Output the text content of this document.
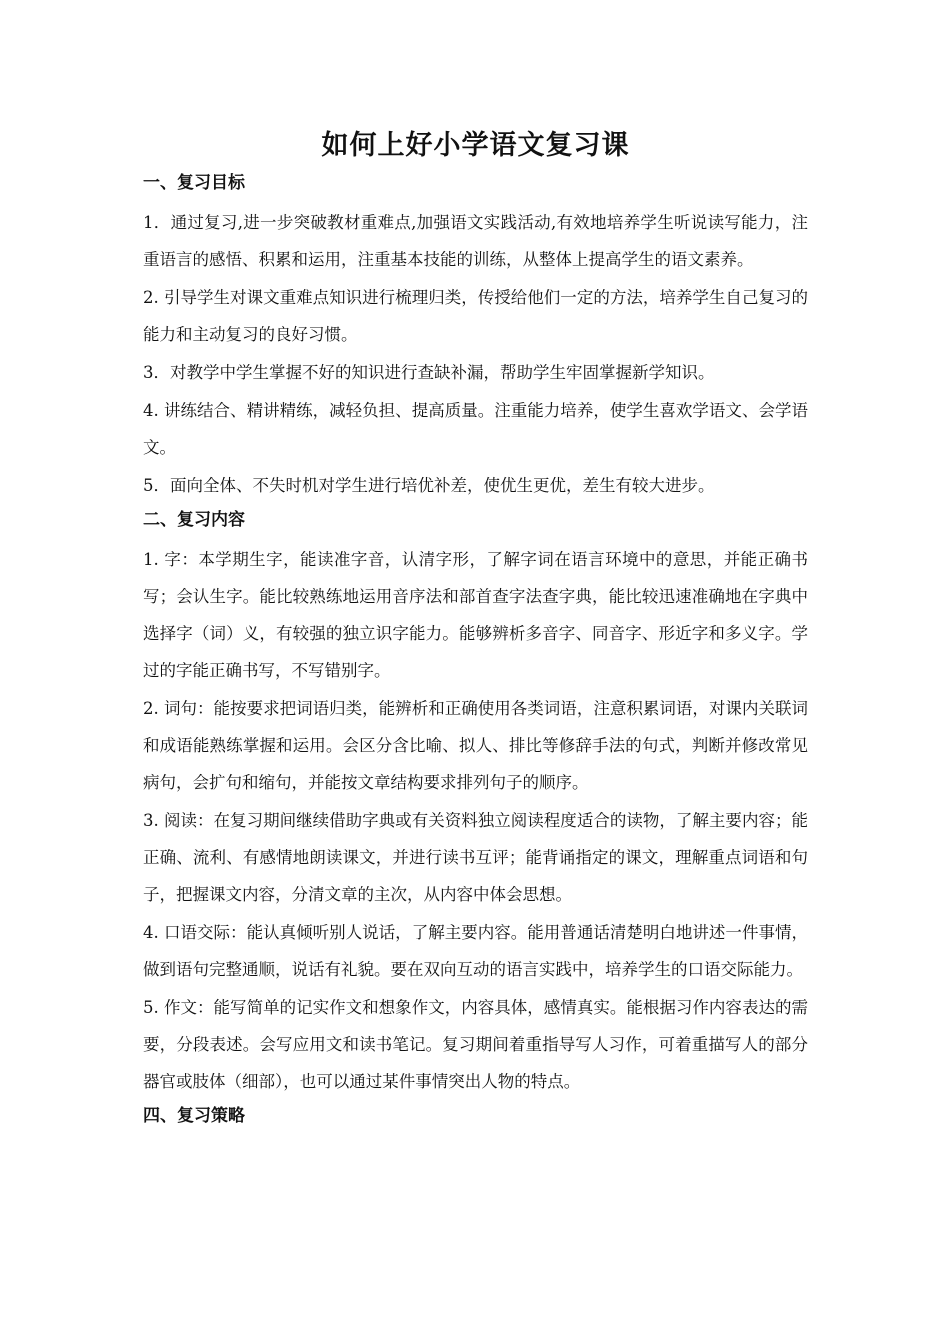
如何上好小学语文复习课
一、复习目标
1．通过复习,进一步突破教材重难点,加强语文实践活动,有效地培养学生听说读写能力，注重语言的感悟、积累和运用，注重基本技能的训练，从整体上提高学生的语文素养。
2. 引导学生对课文重难点知识进行梳理归类，传授给他们一定的方法，培养学生自己复习的能力和主动复习的良好习惯。
3．对教学中学生掌握不好的知识进行查缺补漏，帮助学生牢固掌握新学知识。
4. 讲练结合、精讲精练，减轻负担、提高质量。注重能力培养，使学生喜欢学语文、会学语文。
5．面向全体、不失时机对学生进行培优补差，使优生更优，差生有较大进步。
二、复习内容
1. 字：本学期生字，能读准字音，认清字形，了解字词在语言环境中的意思，并能正确书写；会认生字。能比较熟练地运用音序法和部首查字法查字典，能比较迅速准确地在字典中选择字（词）义，有较强的独立识字能力。能够辨析多音字、同音字、形近字和多义字。学过的字能正确书写，不写错别字。
2. 词句：能按要求把词语归类，能辨析和正确使用各类词语，注意积累词语，对课内关联词和成语能熟练掌握和运用。会区分含比喻、拟人、排比等修辞手法的句式，判断并修改常见病句，会扩句和缩句，并能按文章结构要求排列句子的顺序。
3. 阅读：在复习期间继续借助字典或有关资料独立阅读程度适合的读物，了解主要内容；能正确、流利、有感情地朗读课文，并进行读书互评；能背诵指定的课文，理解重点词语和句子，把握课文内容，分清文章的主次，从内容中体会思想。
4. 口语交际：能认真倾听别人说话，了解主要内容。能用普通话清楚明白地讲述一件事情，做到语句完整通顺，说话有礼貌。要在双向互动的语言实践中，培养学生的口语交际能力。
5. 作文：能写简单的记实作文和想象作文，内容具体，感情真实。能根据习作内容表达的需要，分段表述。会写应用文和读书笔记。复习期间着重指导写人习作，可着重描写人的部分器官或肢体（细部），也可以通过某件事情突出人物的特点。
四、复习策略
